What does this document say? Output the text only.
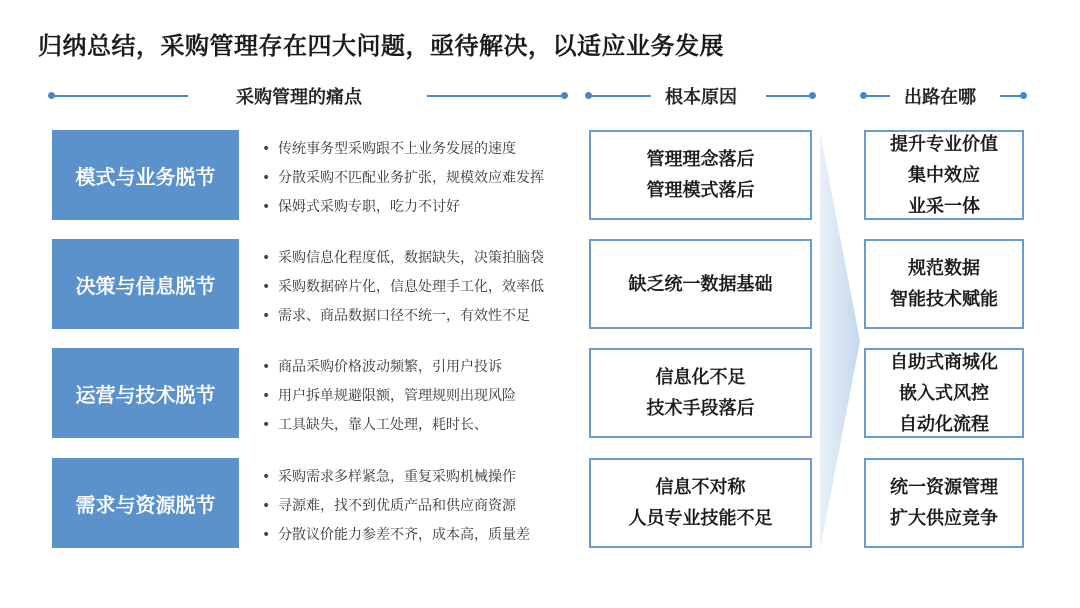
归纳总结，采购管理存在四大问题，亟待解决，以适应业务发展
采购管理的痛点	根本原因	出路在哪
模式与业务脱节
• 传统事务型采购跟不上业务发展的速度
• 分散采购不匹配业务扩张，规模效应难发挥
• 保姆式采购专职，吃力不讨好
管理理念落后
管理模式落后
提升专业价值
集中效应
业采一体
决策与信息脱节
• 采购信息化程度低，数据缺失，决策拍脑袋
• 采购数据碎片化，信息处理手工化，效率低
• 需求、商品数据口径不统一，有效性不足
缺乏统一数据基础
规范数据
智能技术赋能
运营与技术脱节
• 商品采购价格波动频繁，引用户投诉
• 用户拆单规避限额，管理规则出现风险
• 工具缺失，靠人工处理，耗时长、
信息化不足
技术手段落后
自助式商城化
嵌入式风控
自动化流程
需求与资源脱节
• 采购需求多样紧急，重复采购机械操作
• 寻源难，找不到优质产品和供应商资源
• 分散议价能力参差不齐，成本高，质量差
信息不对称
人员专业技能不足
统一资源管理
扩大供应竞争
